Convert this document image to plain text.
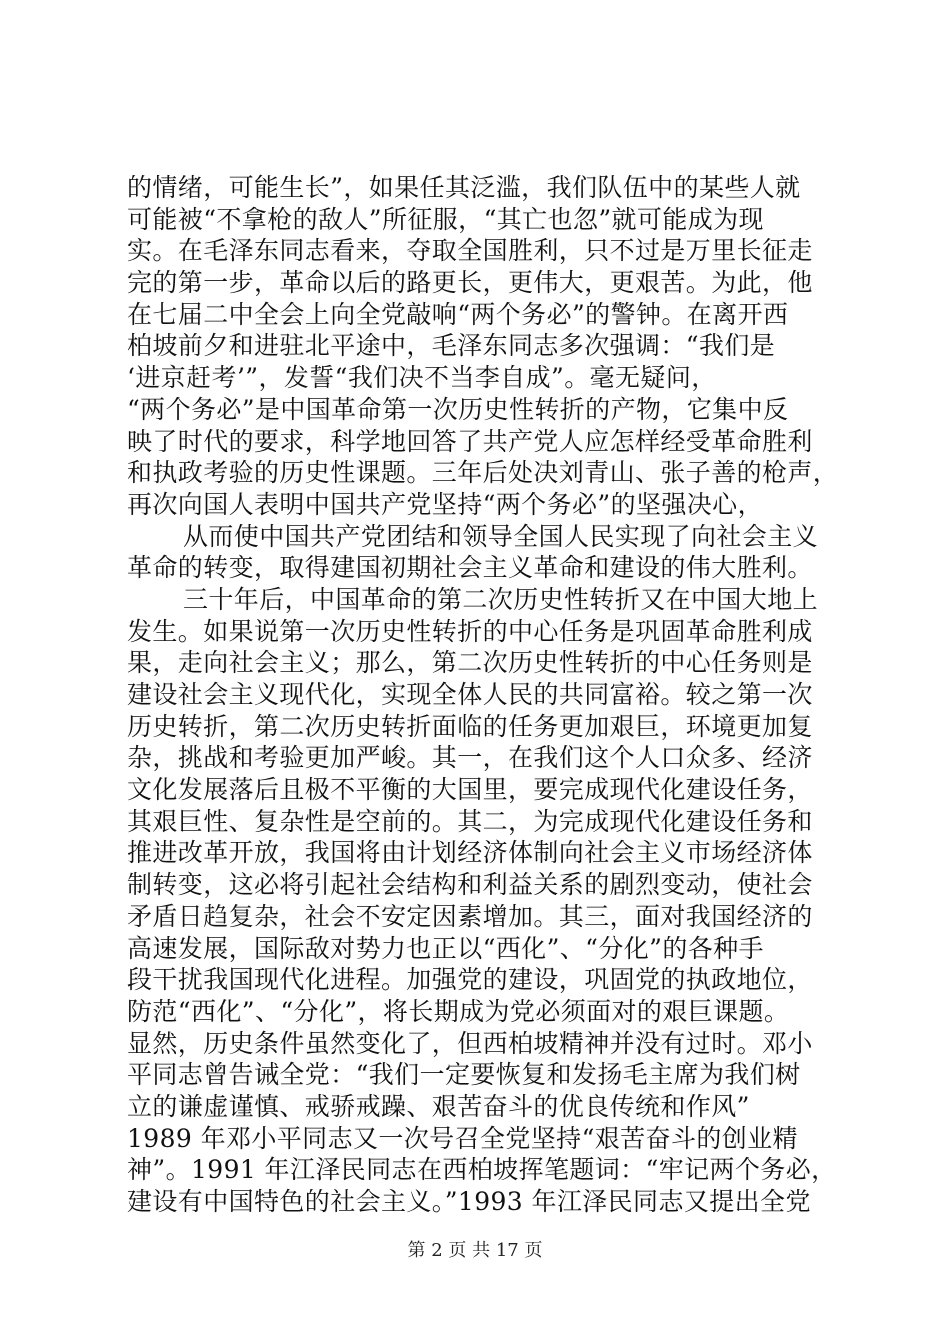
的情绪，可能生长”，如果任其泛滥，我们队伍中的某些人就
可能被“不拿枪的敌人”所征服，“其亡也忽”就可能成为现
实。在毛泽东同志看来，夺取全国胜利，只不过是万里长征走
完的第一步，革命以后的路更长，更伟大，更艰苦。为此，他
在七届二中全会上向全党敲响“两个务必”的警钟。在离开西
柏坡前夕和进驻北平途中，毛泽东同志多次强调：“我们是
‘进京赶考’”，发誓“我们决不当李自成”。毫无疑问，
“两个务必”是中国革命第一次历史性转折的产物，它集中反
映了时代的要求，科学地回答了共产党人应怎样经受革命胜利
和执政考验的历史性课题。三年后处决刘青山、张子善的枪声，
再次向国人表明中国共产党坚持“两个务必”的坚强决心，
从而使中国共产党团结和领导全国人民实现了向社会主义
革命的转变，取得建国初期社会主义革命和建设的伟大胜利。
三十年后，中国革命的第二次历史性转折又在中国大地上
发生。如果说第一次历史性转折的中心任务是巩固革命胜利成
果，走向社会主义；那么，第二次历史性转折的中心任务则是
建设社会主义现代化，实现全体人民的共同富裕。较之第一次
历史转折，第二次历史转折面临的任务更加艰巨，环境更加复
杂，挑战和考验更加严峻。其一，在我们这个人口众多、经济
文化发展落后且极不平衡的大国里，要完成现代化建设任务，
其艰巨性、复杂性是空前的。其二，为完成现代化建设任务和
推进改革开放，我国将由计划经济体制向社会主义市场经济体
制转变，这必将引起社会结构和利益关系的剧烈变动，使社会
矛盾日趋复杂，社会不安定因素增加。其三，面对我国经济的
高速发展，国际敌对势力也正以“西化”、“分化”的各种手
段干扰我国现代化进程。加强党的建设，巩固党的执政地位，
防范“西化”、“分化”，将长期成为党必须面对的艰巨课题。
显然，历史条件虽然变化了，但西柏坡精神并没有过时。邓小
平同志曾告诫全党：“我们一定要恢复和发扬毛主席为我们树
立的谦虚谨慎、戒骄戒躁、艰苦奋斗的优良传统和作风”
1989 年邓小平同志又一次号召全党坚持“艰苦奋斗的创业精
神”。1991 年江泽民同志在西柏坡挥笔题词：“牢记两个务必，
建设有中国特色的社会主义。”1993 年江泽民同志又提出全党
第 2 页 共 17 页
